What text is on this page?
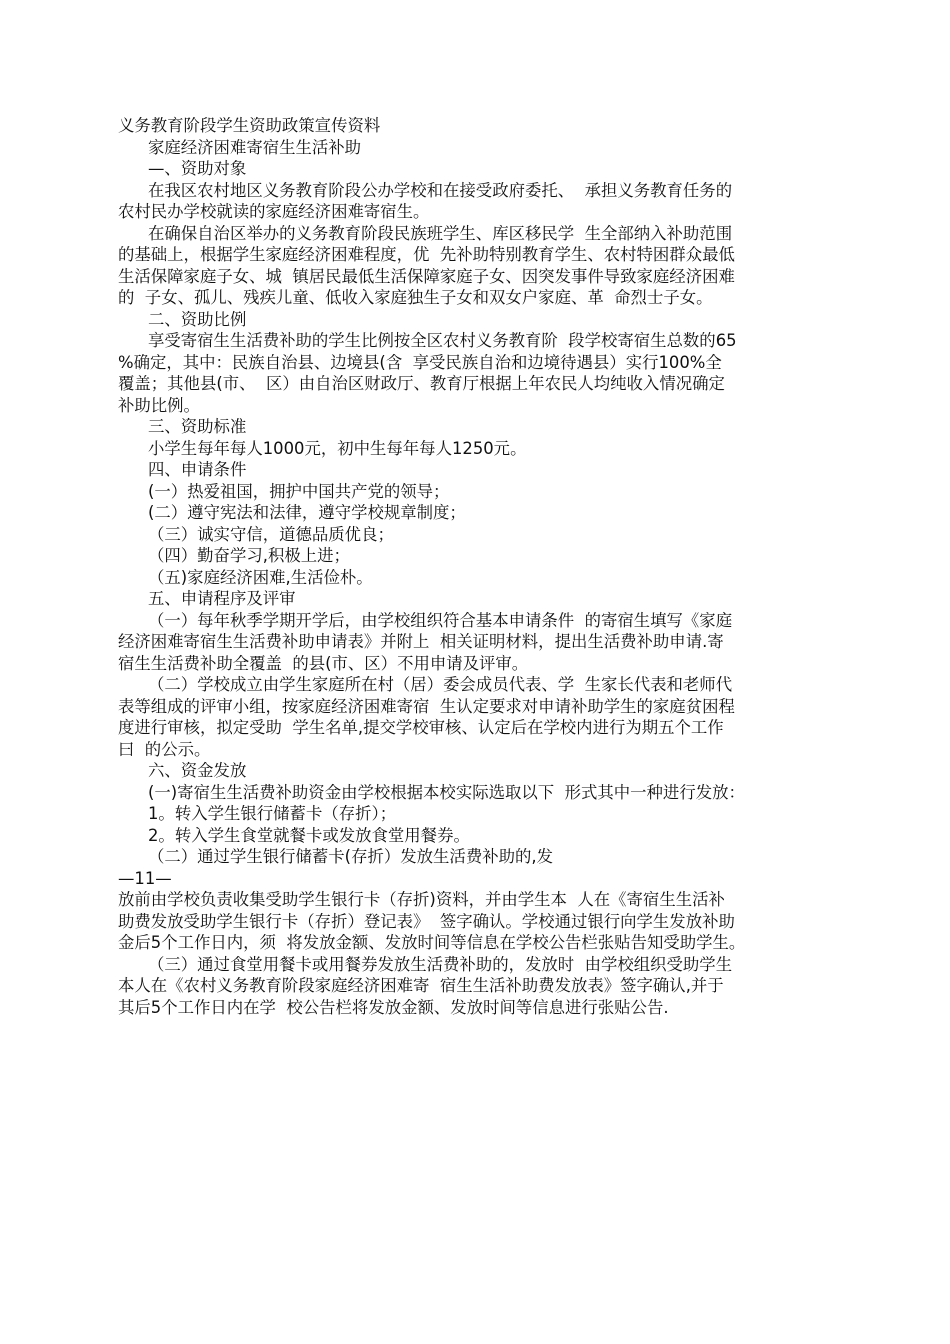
义务教育阶段学生资助政策宣传资料
家庭经济困难寄宿生生活补助
—、资助对象
在我区农村地区义务教育阶段公办学校和在接受政府委托、  承担义务教育任务的
农村民办学校就读的家庭经济困难寄宿生。
在确保自治区举办的义务教育阶段民族班学生、库区移民学  生全部纳入补助范围
的基础上，根据学生家庭经济困难程度，优  先补助特别教育学生、农村特困群众最低
生活保障家庭子女、城  镇居民最低生活保障家庭子女、因突发事件导致家庭经济困难
的  子女、孤儿、残疾儿童、低收入家庭独生子女和双女户家庭、革  命烈士子女。
二、资助比例
享受寄宿生生活费补助的学生比例按全区农村义务教育阶  段学校寄宿生总数的65
%确定，其中：民族自治县、边境县(含  享受民族自治和边境待遇县）实行100%全
覆盖；其他县(市、  区）由自治区财政厅、教育厅根据上年农民人均纯收入情况确定
补助比例。
三、资助标准
小学生每年每人1000元，初中生每年每人1250元。
四、申请条件
(一）热爱祖国，拥护中国共产党的领导；
(二）遵守宪法和法律，遵守学校规章制度；
（三）诚实守信，道德品质优良；
（四）勤奋学习,积极上进；
（五)家庭经济困难,生活俭朴。
五、申请程序及评审
（一）每年秋季学期开学后，由学校组织符合基本申请条件  的寄宿生填写《家庭
经济困难寄宿生生活费补助申请表》并附上  相关证明材料，提出生活费补助申请.寄
宿生生活费补助全覆盖  的县(市、区）不用申请及评审。
（二）学校成立由学生家庭所在村（居）委会成员代表、学  生家长代表和老师代
表等组成的评审小组，按家庭经济困难寄宿  生认定要求对申请补助学生的家庭贫困程
度进行审核，拟定受助  学生名单,提交学校审核、认定后在学校内进行为期五个工作
曰  的公示。
六、资金发放
(一)寄宿生生活费补助资金由学校根据本校实际选取以下  形式其中一种进行发放：
1。转入学生银行储蓄卡（存折）；
2。转入学生食堂就餐卡或发放食堂用餐券。
（二）通过学生银行储蓄卡(存折）发放生活费补助的,发
—11—
放前由学校负责收集受助学生银行卡（存折)资料，并由学生本  人在《寄宿生生活补
助费发放受助学生银行卡（存折）登记表》  签字确认。学校通过银行向学生发放补助
金后5个工作日内，须  将发放金额、发放时间等信息在学校公告栏张贴告知受助学生。
（三）通过食堂用餐卡或用餐券发放生活费补助的，发放时  由学校组织受助学生
本人在《农村义务教育阶段家庭经济困难寄  宿生生活补助费发放表》签字确认,并于
其后5个工作日内在学  校公告栏将发放金额、发放时间等信息进行张贴公告.
